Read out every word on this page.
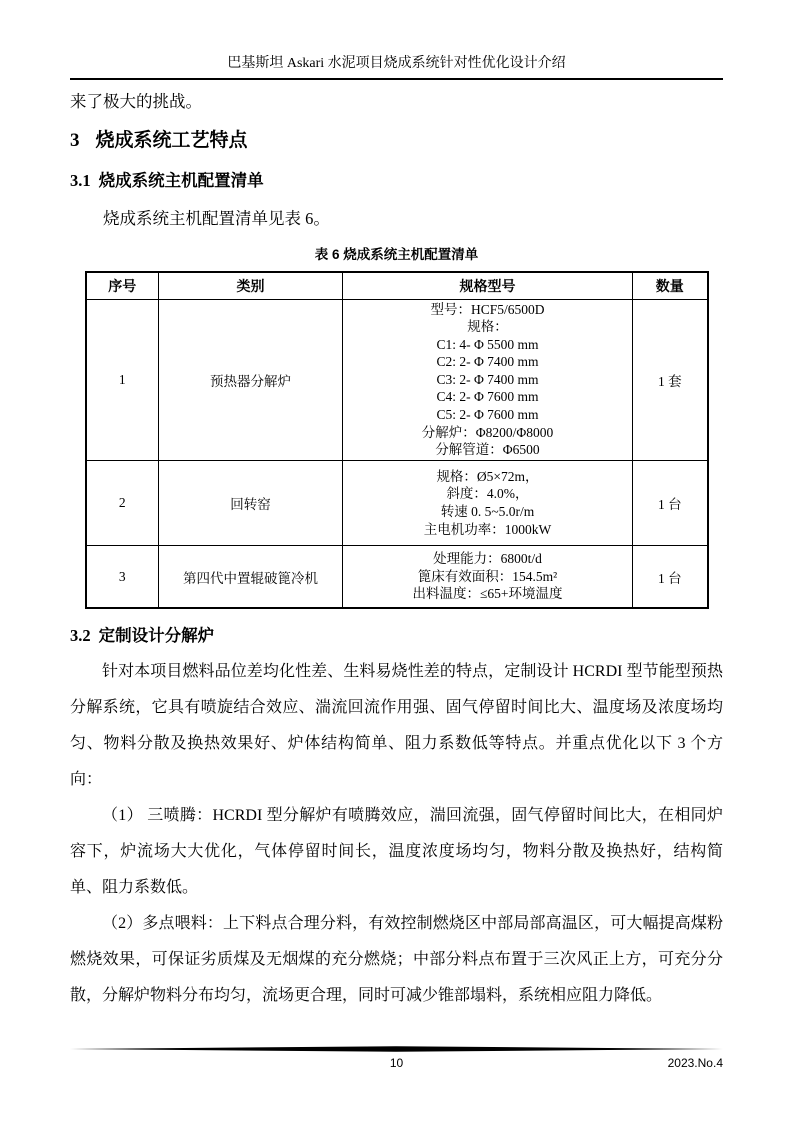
巴基斯坦 Askari 水泥项目烧成系统针对性优化设计介绍

来了极大的挑战。

3 烧成系统工艺特点
3.1 烧成系统主机配置清单

烧成系统主机配置清单见表 6。

表 6 烧成系统主机配置清单
序号	类别	规格型号	数量
1	预热器分解炉	
型号：HCF5/6500D
规格：
C1: 4- Φ 5500 mm
C2: 2- Φ 7400 mm
C3: 2- Φ 7400 mm
C4: 2- Φ 7600 mm
C5: 2- Φ 7600 mm
分解炉：Φ8200/Φ8000
分解管道：Φ6500
	1 套
2	回转窑	规格：Ø5×72m，
斜度：4.0%，
转速 0. 5~5.0r/m
主电机功率：1000kW	1 台
3	第四代中置辊破篦冷机	处理能力：6800t/d
篦床有效面积：154.5m²
出料温度：≤65+环境温度	1 台
3.2 定制设计分解炉

针对本项目燃料品位差均化性差、生料易烧性差的特点，定制设计 HCRDI 型节能型预热分解系统，它具有喷旋结合效应、湍流回流作用强、固气停留时间比大、温度场及浓度场均匀、物料分散及换热效果好、炉体结构简单、阻力系数低等特点。并重点优化以下 3 个方向：

（1） 三喷腾：HCRDI 型分解炉有喷腾效应，湍回流强，固气停留时间比大，在相同炉容下，炉流场大大优化，气体停留时间长，温度浓度场均匀，物料分散及换热好，结构简单、阻力系数低。

（2）多点喂料：上下料点合理分料，有效控制燃烧区中部局部高温区，可大幅提高煤粉燃烧效果，可保证劣质煤及无烟煤的充分燃烧；中部分料点布置于三次风正上方，可充分分散，分解炉物料分布均匀，流场更合理，同时可减少锥部塌料，系统相应阻力降低。

10	2023.No.4
